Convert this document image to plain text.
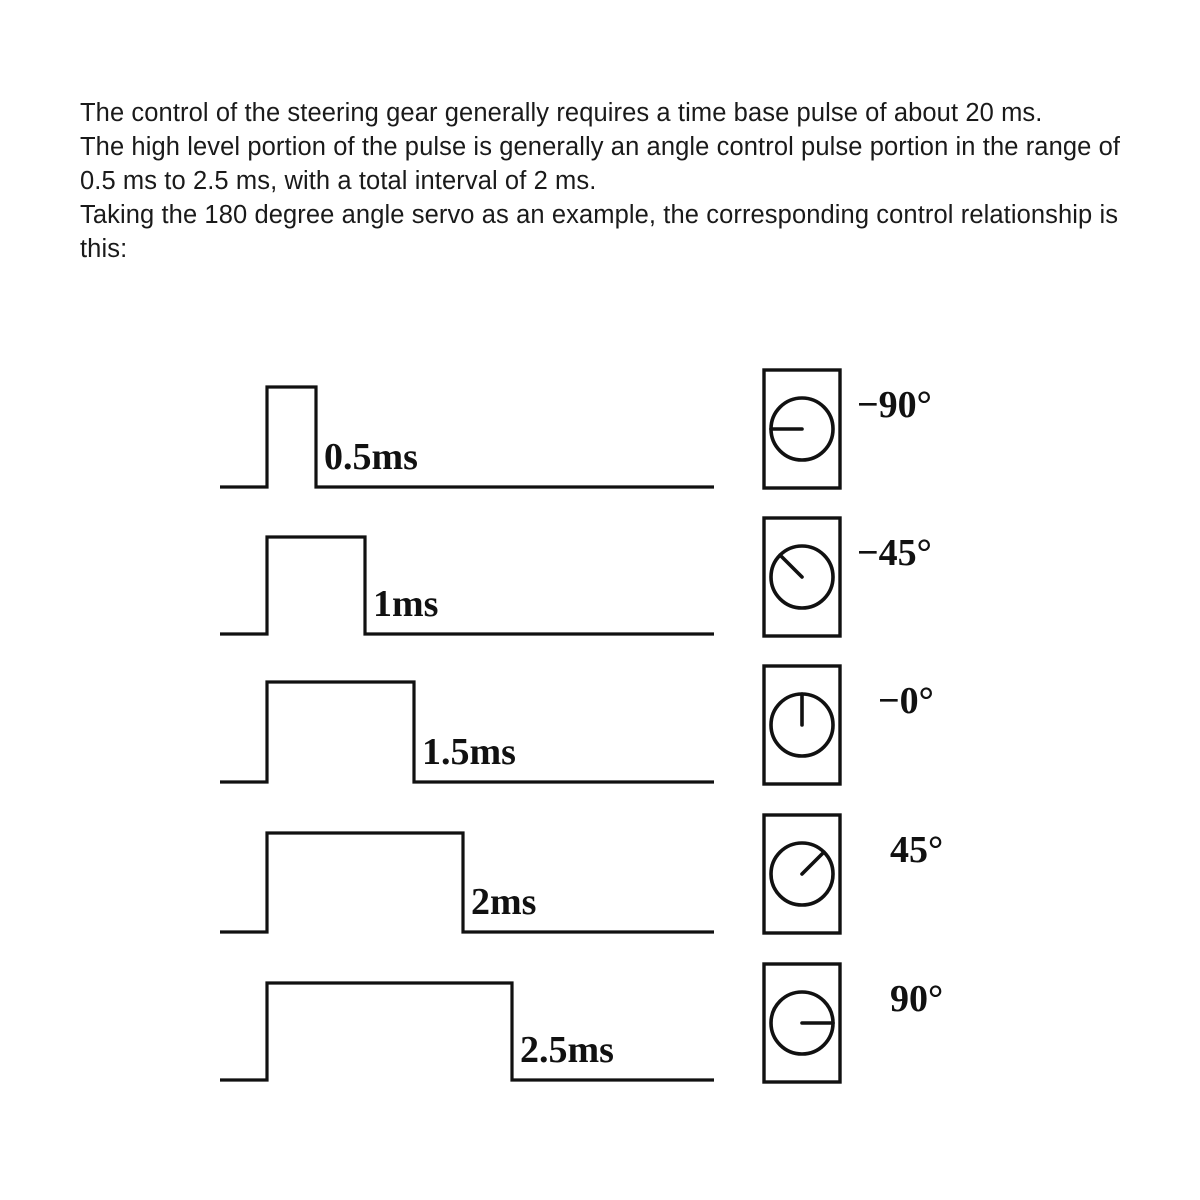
The control of the steering gear generally requires a time base pulse of about 20 ms.

The high level portion of the pulse is generally an angle control pulse portion in the range of 0.5 ms to 2.5 ms, with a total interval of 2 ms.

Taking the 180 degree angle servo as an example, the corresponding control relationship is this:

0.5ms
−90°
1ms
−45°
1.5ms
−0°
2ms
45°
2.5ms
90°
